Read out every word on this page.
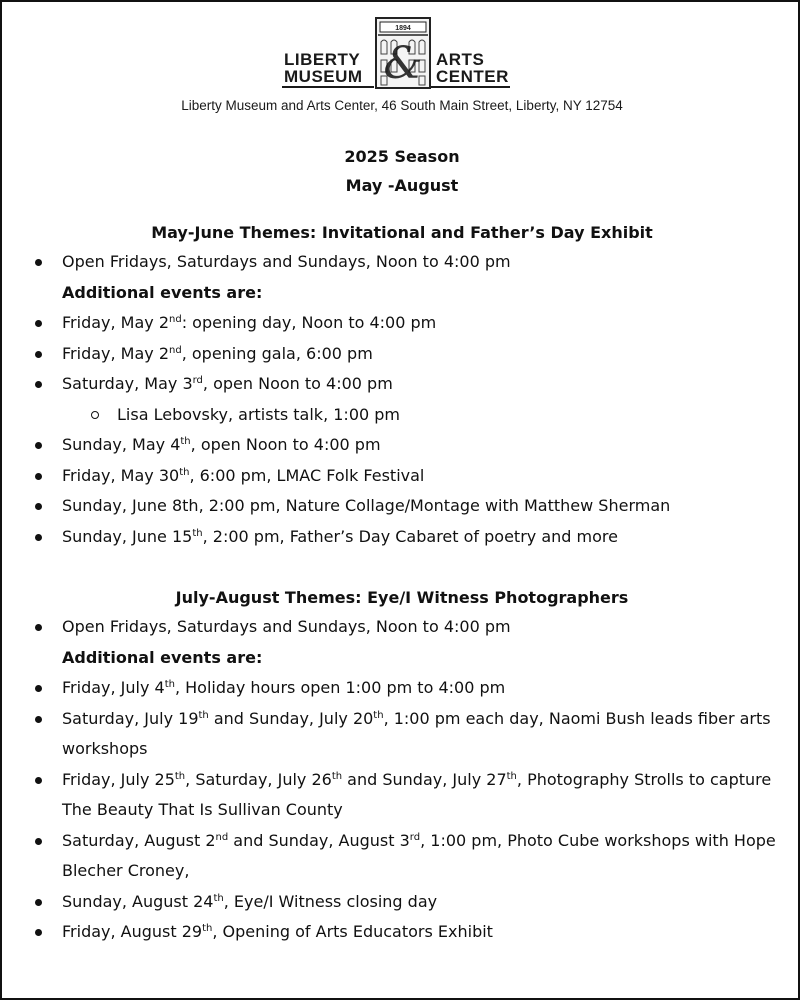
LIBERTY
MUSEUM
ARTS
CENTER
1894
&
Liberty Museum and Arts Center, 46 South Main Street, Liberty, NY 12754
2025 Season
May -August
May-June Themes: Invitational and Father’s Day Exhibit
Open Fridays, Saturdays and Sundays, Noon to 4:00 pm
Additional events are:
Friday, May 2nd: opening day, Noon to 4:00 pm
Friday, May 2nd, opening gala, 6:00 pm
Saturday, May 3rd, open Noon to 4:00 pm
Lisa Lebovsky, artists talk, 1:00 pm
Sunday, May 4th, open Noon to 4:00 pm
Friday, May 30th, 6:00 pm, LMAC Folk Festival
Sunday, June 8th, 2:00 pm, Nature Collage/Montage with Matthew Sherman
Sunday, June 15th, 2:00 pm, Father’s Day Cabaret of poetry and more
July-August Themes: Eye/I Witness Photographers
Open Fridays, Saturdays and Sundays, Noon to 4:00 pm
Additional events are:
Friday, July 4th, Holiday hours open 1:00 pm to 4:00 pm
Saturday, July 19th and Sunday, July 20th, 1:00 pm each day, Naomi Bush leads fiber arts workshops
Friday, July 25th, Saturday, July 26th and Sunday, July 27th, Photography Strolls to capture The Beauty That Is Sullivan County
Saturday, August 2nd and Sunday, August 3rd, 1:00 pm, Photo Cube workshops with Hope Blecher Croney,
Sunday, August 24th, Eye/I Witness closing day
Friday, August 29th, Opening of Arts Educators Exhibit
